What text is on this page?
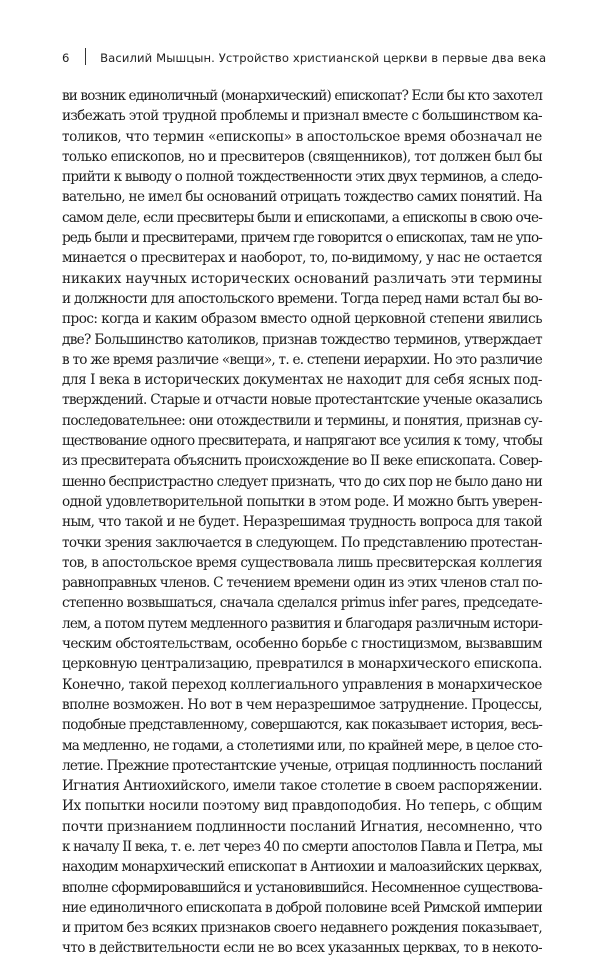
6	Василий Мышцын. Устройство христианской церкви в первые два века
ви возник единоличный (монархический) епископат? Если бы кто захотел
избежать этой трудной проблемы и признал вместе с большинством ка-
толиков, что термин «епископы» в апостольское время обозначал не
только епископов, но и пресвитеров (священников), тот должен был бы
прийти к выводу о полной тождественности этих двух терминов, а следо-
вательно, не имел бы оснований отрицать тождество самих понятий. На
самом деле, если пресвитеры были и епископами, а епископы в свою оче-
редь были и пресвитерами, причем где говорится о епископах, там не упо-
минается о пресвитерах и наоборот, то, по-видимому, у нас не остается
никаких научных исторических оснований различать эти термины
и должности для апостольского времени. Тогда перед нами встал бы во-
прос: когда и каким образом вместо одной церковной степени явились
две? Большинство католиков, признав тождество терминов, утверждает
в то же время различие «вещи», т. е. степени иерархии. Но это различие
для I века в исторических документах не находит для себя ясных под-
тверждений. Старые и отчасти новые протестантские ученые оказались
последовательнее: они отождествили и термины, и понятия, признав су-
ществование одного пресвитерата, и напрягают все усилия к тому, чтобы
из пресвитерата объяснить происхождение во II веке епископата. Совер-
шенно беспристрастно следует признать, что до сих пор не было дано ни
одной удовлетворительной попытки в этом роде. И можно быть уверен-
ным, что такой и не будет. Неразрешимая трудность вопроса для такой
точки зрения заключается в следующем. По представлению протестан-
тов, в апостольское время существовала лишь пресвитерская коллегия
равноправных членов. С течением времени один из этих членов стал по-
степенно возвышаться, сначала сделался primus infer pares, председате-
лем, а потом путем медленного развития и благодаря различным истори-
ческим обстоятельствам, особенно борьбе с гностицизмом, вызвавшим
церковную централизацию, превратился в монархического епископа.
Конечно, такой переход коллегиального управления в монархическое
вполне возможен. Но вот в чем неразрешимое затруднение. Процессы,
подобные представленному, совершаются, как показывает история, весь-
ма медленно, не годами, а столетиями или, по крайней мере, в целое сто-
летие. Прежние протестантские ученые, отрицая подлинность посланий
Игнатия Антиохийского, имели такое столетие в своем распоряжении.
Их попытки носили поэтому вид правдоподобия. Но теперь, с общим
почти признанием подлинности посланий Игнатия, несомненно, что
к началу II века, т. е. лет через 40 по смерти апостолов Павла и Петра, мы
находим монархический епископат в Антиохии и малоазийских церквах,
вполне сформировавшийся и установившийся. Несомненное существова-
ние единоличного епископата в доброй половине всей Римской империи
и притом без всяких признаков своего недавнего рождения показывает,
что в действительности если не во всех указанных церквах, то в некото-
